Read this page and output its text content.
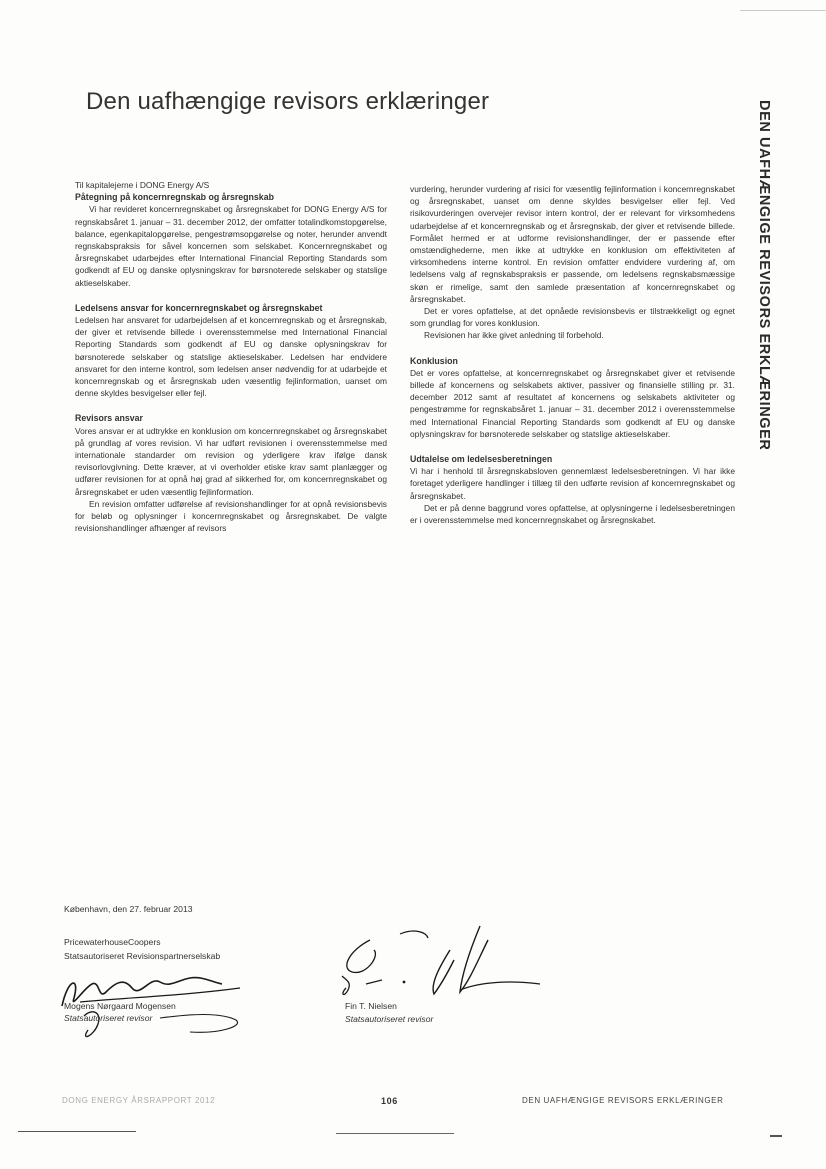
Den uafhængige revisors erklæringer	DEN UAFHÆNGIGE REVISORS ERKLÆRINGER

Til kapitalejerne i DONG Energy A/S

Påtegning på koncernregnskab og årsregnskab

Vi har revideret koncernregnskabet og årsregnskabet for DONG Energy A/S for regnskabsåret 1. januar – 31. december 2012, der omfatter totalindkomstopgørelse, balance, egenkapitalopgørelse, pengestrømsopgørelse og noter, herunder anvendt regnskabspraksis for såvel koncernen som selskabet. Koncernregnskabet og årsregnskabet udarbejdes efter International Financial Reporting Standards som godkendt af EU og danske oplysningskrav for børsnoterede selskaber og statslige aktieselskaber.

Ledelsens ansvar for koncernregnskabet og årsregnskabet

Ledelsen har ansvaret for udarbejdelsen af et koncernregnskab og et årsregnskab, der giver et retvisende billede i overensstemmelse med International Financial Reporting Standards som godkendt af EU og danske oplysningskrav for børsnoterede selskaber og statslige aktieselskaber. Ledelsen har endvidere ansvaret for den interne kontrol, som ledelsen anser nødvendig for at udarbejde et koncernregnskab og et årsregnskab uden væsentlig fejlinformation, uanset om denne skyldes besvigelser eller fejl.

Revisors ansvar

Vores ansvar er at udtrykke en konklusion om koncernregnskabet og årsregnskabet på grundlag af vores revision. Vi har udført revisionen i overensstemmelse med internationale standarder om revision og yderligere krav ifølge dansk revisorlovgivning. Dette kræver, at vi overholder etiske krav samt planlægger og udfører revisionen for at opnå høj grad af sikkerhed for, om koncernregnskabet og årsregnskabet er uden væsentlig fejlinformation.

En revision omfatter udførelse af revisionshandlinger for at opnå revisionsbevis for beløb og oplysninger i koncernregnskabet og årsregnskabet. De valgte revisionshandlinger afhænger af revisors

vurdering, herunder vurdering af risici for væsentlig fejlinformation i koncernregnskabet og årsregnskabet, uanset om denne skyldes besvigelser eller fejl. Ved risikovurderingen overvejer revisor intern kontrol, der er relevant for virksomhedens udarbejdelse af et koncernregnskab og et årsregnskab, der giver et retvisende billede. Formålet hermed er at udforme revisionshandlinger, der er passende efter omstændighederne, men ikke at udtrykke en konklusion om effektiviteten af virksomhedens interne kontrol. En revision omfatter endvidere vurdering af, om ledelsens valg af regnskabspraksis er passende, om ledelsens regnskabsmæssige skøn er rimelige, samt den samlede præsentation af koncernregnskabet og årsregnskabet.

Det er vores opfattelse, at det opnåede revisionsbevis er tilstrækkeligt og egnet som grundlag for vores konklusion.

Revisionen har ikke givet anledning til forbehold.

Konklusion

Det er vores opfattelse, at koncernregnskabet og årsregnskabet giver et retvisende billede af koncernens og selskabets aktiver, passiver og finansielle stilling pr. 31. december 2012 samt af resultatet af koncernens og selskabets aktiviteter og pengestrømme for regnskabsåret 1. januar – 31. december 2012 i overensstemmelse med International Financial Reporting Standards som godkendt af EU og danske oplysningskrav for børsnoterede selskaber og statslige aktieselskaber.

Udtalelse om ledelsesberetningen

Vi har i henhold til årsregnskabsloven gennemlæst ledelsesberetningen. Vi har ikke foretaget yderligere handlinger i tillæg til den udførte revision af koncernregnskabet og årsregnskabet.

Det er på denne baggrund vores opfattelse, at oplysningerne i ledelsesberetningen er i overensstemmelse med koncernregnskabet og årsregnskabet.

København, den 27. februar 2013
PricewaterhouseCoopers
Statsautoriseret Revisionspartnerselskab
Mogens Nørgaard Mogensen
Statsautoriseret revisor
Fin T. Nielsen
Statsautoriseret revisor
DONG ENERGY ÅRSRAPPORT 2012	106	DEN UAFHÆNGIGE REVISORS ERKLÆRINGER
